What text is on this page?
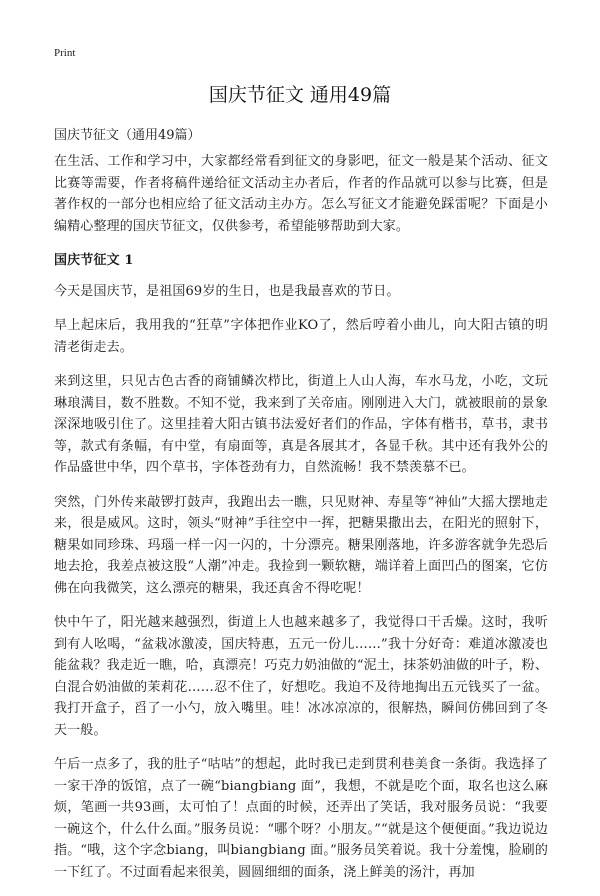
Print
国庆节征文 通用49篇

国庆节征文（通用49篇）

在生活、工作和学习中，大家都经常看到征文的身影吧，征文一般是某个活动、征文比赛等需要，作者将稿件递给征文活动主办者后，作者的作品就可以参与比赛，但是著作权的一部分也相应给了征文活动主办方。怎么写征文才能避免踩雷呢？下面是小编精心整理的国庆节征文，仅供参考，希望能够帮助到大家。

国庆节征文 1

今天是国庆节，是祖国69岁的生日，也是我最喜欢的节日。

早上起床后，我用我的“狂草”字体把作业KO了，然后哼着小曲儿，向大阳古镇的明清老街走去。

来到这里，只见古色古香的商铺鳞次栉比，街道上人山人海，车水马龙，小吃，文玩琳琅满目，数不胜数。不知不觉，我来到了关帝庙。刚刚进入大门，就被眼前的景象深深地吸引住了。这里挂着大阳古镇书法爱好者们的作品，字体有楷书，草书，隶书等，款式有条幅，有中堂，有扇面等，真是各展其才，各显千秋。其中还有我外公的作品盛世中华，四个草书，字体苍劲有力，自然流畅！我不禁羡慕不已。

突然，门外传来敲锣打鼓声，我跑出去一瞧，只见财神、寿星等“神仙”大摇大摆地走来，很是威风。这时，领头“财神”手往空中一挥，把糖果撒出去，在阳光的照射下，糖果如同珍珠、玛瑙一样一闪一闪的，十分漂亮。糖果刚落地，许多游客就争先恐后地去抢，我差点被这股“人潮”冲走。我捡到一颗软糖，端详着上面凹凸的图案，它仿佛在向我微笑，这么漂亮的糖果，我还真舍不得吃呢！

快中午了，阳光越来越强烈，街道上人也越来越多了，我觉得口干舌燥。这时，我听到有人吆喝，“盆栽冰激凌，国庆特惠，五元一份儿……”我十分好奇：难道冰激凌也能盆栽？我走近一瞧，哈，真漂亮！巧克力奶油做的“泥土，抹茶奶油做的叶子，粉、白混合奶油做的茉莉花……忍不住了，好想吃。我迫不及待地掏出五元钱买了一盆。我打开盒子，舀了一小勺，放入嘴里。哇！冰冰凉凉的，很解热，瞬间仿佛回到了冬天一般。

午后一点多了，我的肚子“咕咕”的想起，此时我已走到贯利巷美食一条街。我选择了一家干净的饭馆，点了一碗“biangbiang 面”，我想，不就是吃个面，取名也这么麻烦，笔画一共93画，太可怕了！点面的时候，还弄出了笑话，我对服务员说：“我要一碗这个，什么什么面。”服务员说：“哪个呀？小朋友。”“就是这个便便面。”我边说边指。“哦，这个字念biang，叫biangbiang 面。”服务员笑着说。我十分羞愧，脸刷的一下红了。不过面看起来很美，圆圆细细的面条，浇上鲜美的汤汁，再加
